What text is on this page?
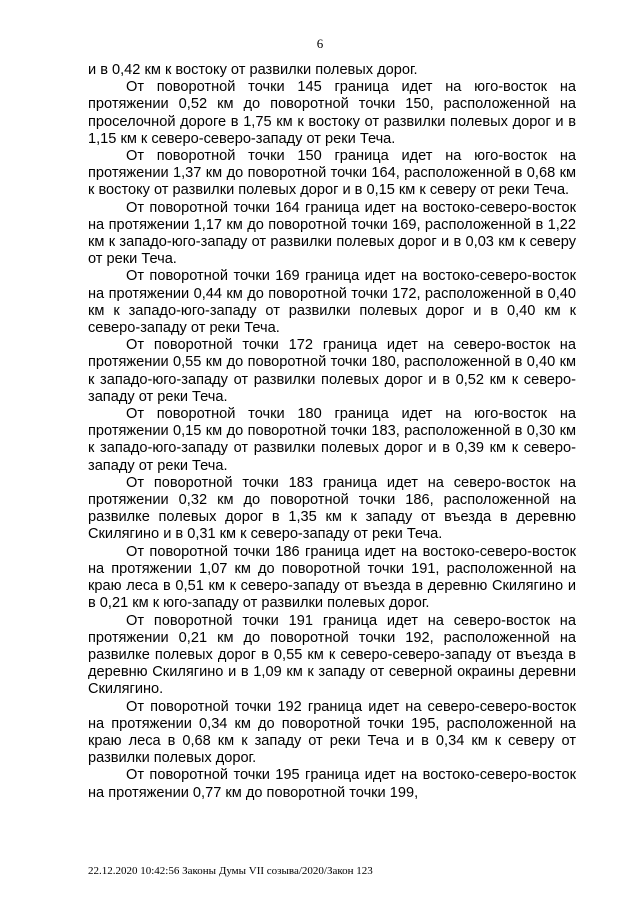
6

и в 0,42 км к востоку от развилки полевых дорог.

От поворотной точки 145 граница идет на юго-восток на протяжении 0,52 км до поворотной точки 150, расположенной на проселочной дороге в 1,75 км к востоку от развилки полевых дорог и в 1,15 км к северо-северо-западу от реки Теча.

От поворотной точки 150 граница идет на юго-восток на протяжении 1,37 км до поворотной точки 164, расположенной в 0,68 км к востоку от развилки полевых дорог и в 0,15 км к северу от реки Теча.

От поворотной точки 164 граница идет на востоко-северо-восток на протяжении 1,17 км до поворотной точки 169, расположенной в 1,22 км к западо-юго-западу от развилки полевых дорог и в 0,03 км к северу от реки Теча.

От поворотной точки 169 граница идет на востоко-северо-восток на протяжении 0,44 км до поворотной точки 172, расположенной в 0,40 км к западо-юго-западу от развилки полевых дорог и в 0,40 км к северо-западу от реки Теча.

От поворотной точки 172 граница идет на северо-восток на протяжении 0,55 км до поворотной точки 180, расположенной в 0,40 км к западо-юго-западу от развилки полевых дорог и в 0,52 км к северо-западу от реки Теча.

От поворотной точки 180 граница идет на юго-восток на протяжении 0,15 км до поворотной точки 183, расположенной в 0,30 км к западо-юго-западу от развилки полевых дорог и в 0,39 км к северо-западу от реки Теча.

От поворотной точки 183 граница идет на северо-восток на протяжении 0,32 км до поворотной точки 186, расположенной на развилке полевых дорог в 1,35 км к западу от въезда в деревню Скилягино и в 0,31 км к северо-западу от реки Теча.

От поворотной точки 186 граница идет на востоко-северо-восток на протяжении 1,07 км до поворотной точки 191, расположенной на краю леса в 0,51 км к северо-западу от въезда в деревню Скилягино и в 0,21 км к юго-западу от развилки полевых дорог.

От поворотной точки 191 граница идет на северо-восток на протяжении 0,21 км до поворотной точки 192, расположенной на развилке полевых дорог в 0,55 км к северо-северо-западу от въезда в деревню Скилягино и в 1,09 км к западу от северной окраины деревни Скилягино.

От поворотной точки 192 граница идет на северо-северо-восток на протяжении 0,34 км до поворотной точки 195, расположенной на краю леса в 0,68 км к западу от реки Теча и в 0,34 км к северу от развилки полевых дорог.

От поворотной точки 195 граница идет на востоко-северо-восток на протяжении 0,77 км до поворотной точки 199,

22.12.2020 10:42:56 Законы Думы VII созыва/2020/Закон 123
